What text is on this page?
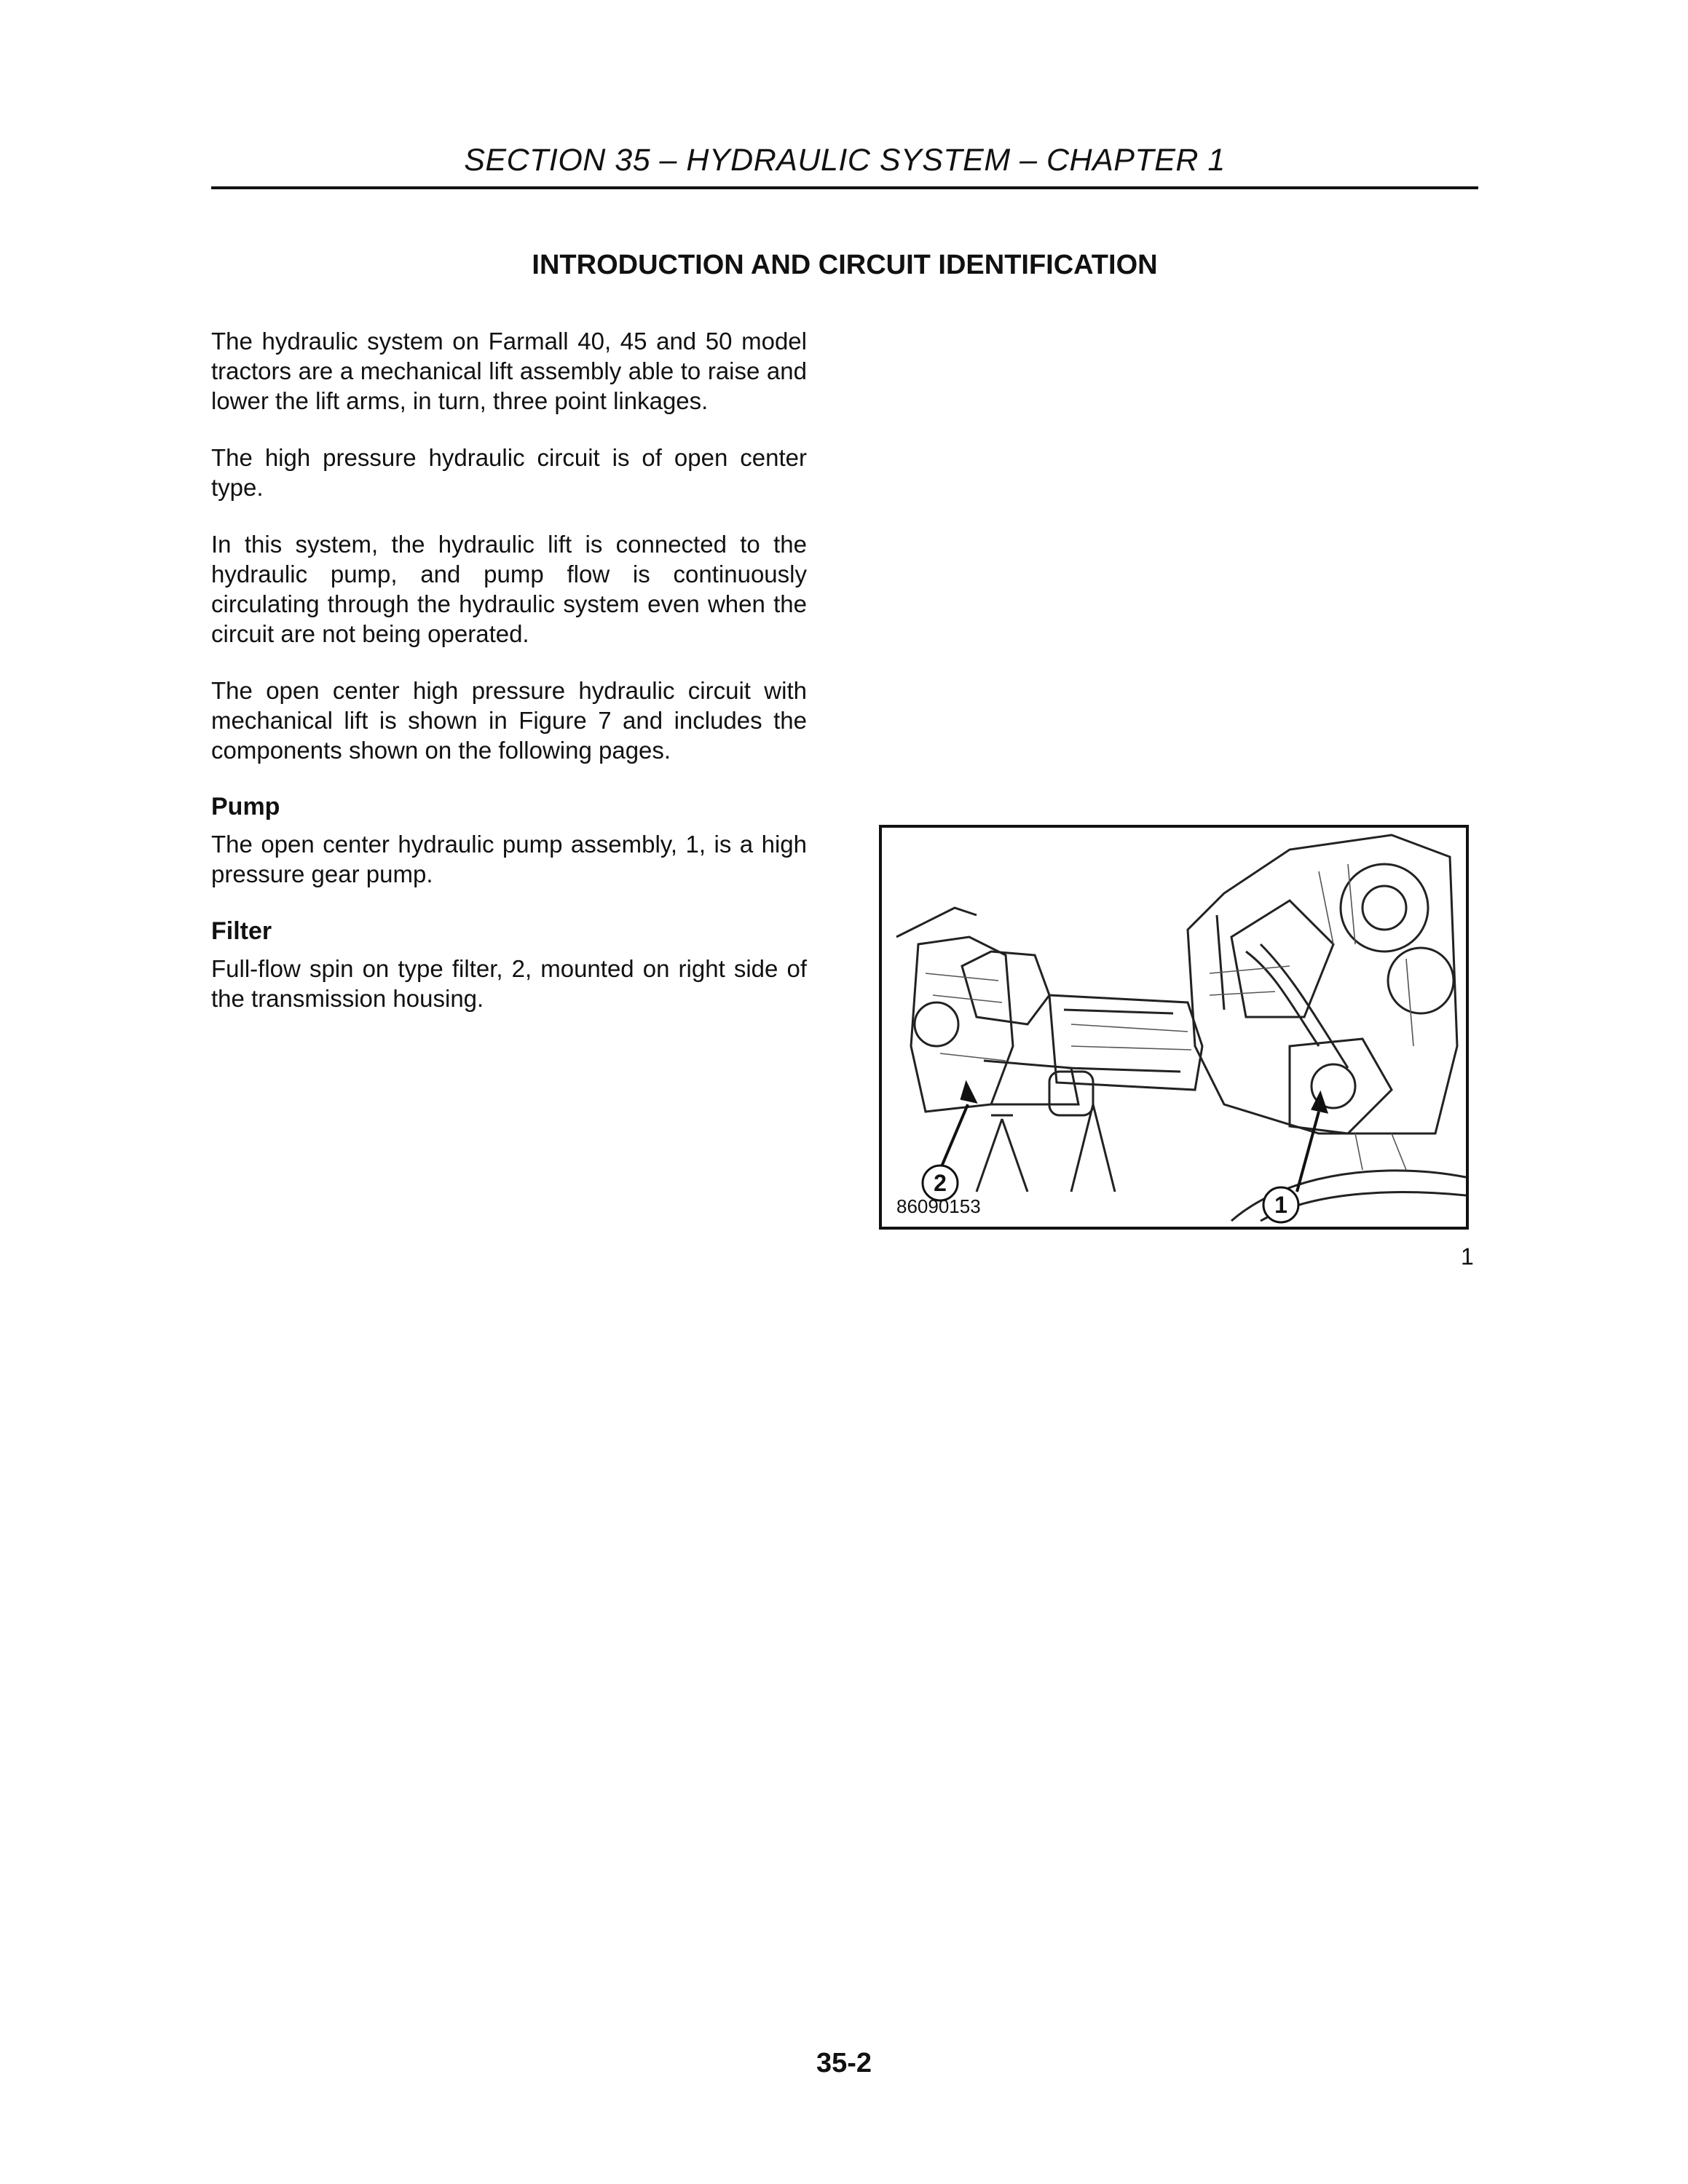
SECTION 35 – HYDRAULIC SYSTEM – CHAPTER 1
INTRODUCTION AND CIRCUIT IDENTIFICATION

The hydraulic system on Farmall 40, 45 and 50 model tractors are a mechanical lift assembly able to raise and lower the lift arms, in turn, three point linkages.

The high pressure hydraulic circuit is of open center type.

In this system, the hydraulic lift is connected to the hydraulic pump, and pump flow is continuously circulating through the hydraulic system even when the circuit are not being operated.

The open center high pressure hydraulic circuit with mechanical lift is shown in Figure 7 and includes the components shown on the following pages.

Pump

The open center hydraulic pump assembly, 1, is a high pressure gear pump.

Filter

Full-flow spin on type filter, 2, mounted on right side of the transmission housing.

2
1
86090153
1
35-2
